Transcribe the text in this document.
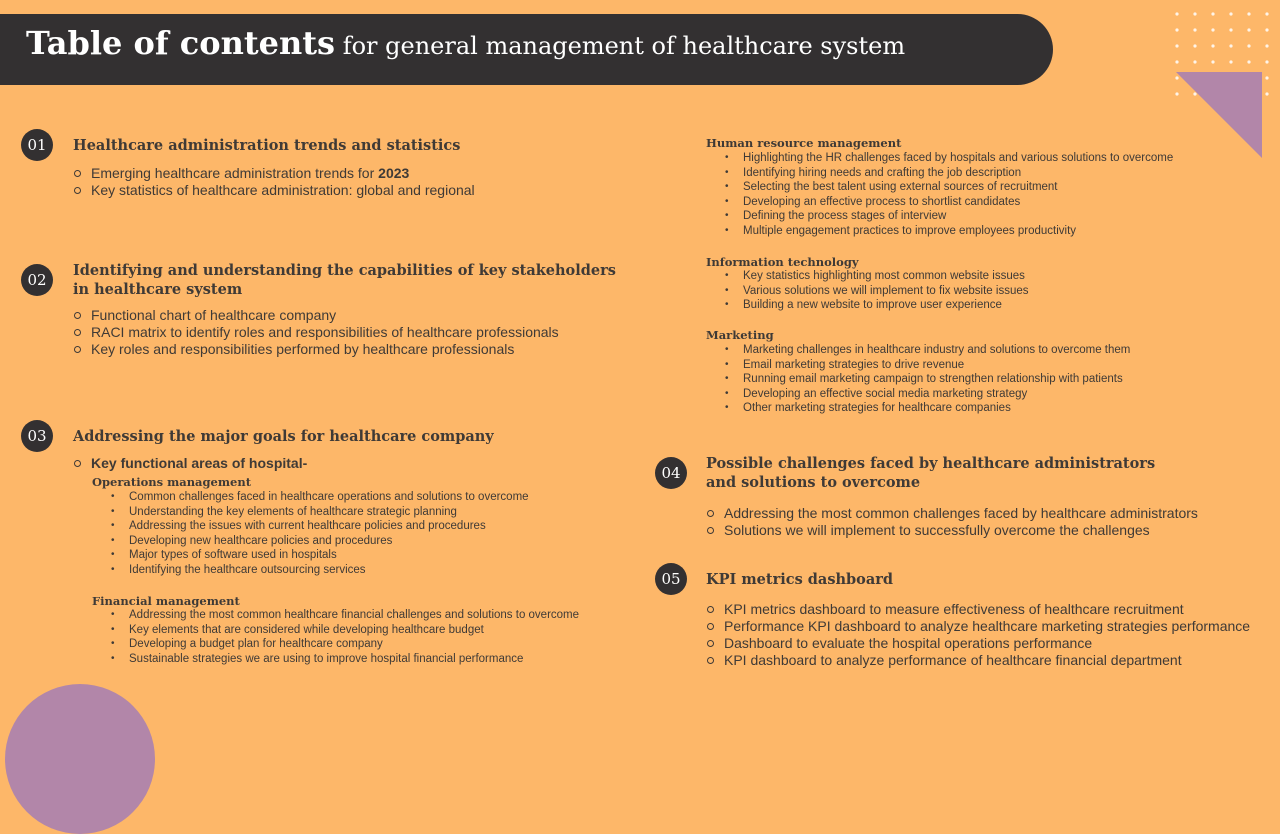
Table of contents for general management of healthcare system
01	Healthcare administration trends and statistics
Emerging healthcare administration trends for 2023
Key statistics of healthcare administration: global and regional
02
Identifying and understanding the capabilities of key stakeholders in healthcare system
Functional chart of healthcare company
RACI matrix to identify roles and responsibilities of healthcare professionals
Key roles and responsibilities performed by healthcare professionals
03	Addressing the major goals for healthcare company
Key functional areas of hospital-
Operations management
• Common challenges faced in healthcare operations and solutions to overcome
• Understanding the key elements of healthcare strategic planning
• Addressing the issues with current healthcare policies and procedures
• Developing new healthcare policies and procedures
• Major types of software used in hospitals
• Identifying the healthcare outsourcing services
Financial management
• Addressing the most common healthcare financial challenges and solutions to overcome
• Key elements that are considered while developing healthcare budget
• Developing a budget plan for healthcare company
• Sustainable strategies we are using to improve hospital financial performance
Human resource management
• Highlighting the HR challenges faced by hospitals and various solutions to overcome
• Identifying hiring needs and crafting the job description
• Selecting the best talent using external sources of recruitment
• Developing an effective process to shortlist candidates
• Defining the process stages of interview
• Multiple engagement practices to improve employees productivity
Information technology
• Key statistics highlighting most common website issues
• Various solutions we will implement to fix website issues
• Building a new website to improve user experience
Marketing
• Marketing challenges in healthcare industry and solutions to overcome them
• Email marketing strategies to drive revenue
• Running email marketing campaign to strengthen relationship with patients
• Developing an effective social media marketing strategy
• Other marketing strategies for healthcare companies
04
Possible challenges faced by healthcare administrators and solutions to overcome
Addressing the most common challenges faced by healthcare administrators
Solutions we will implement to successfully overcome the challenges
05	KPI metrics dashboard
KPI metrics dashboard to measure effectiveness of healthcare recruitment
Performance KPI dashboard to analyze healthcare marketing strategies performance
Dashboard to evaluate the hospital operations performance
KPI dashboard to analyze performance of healthcare financial department
